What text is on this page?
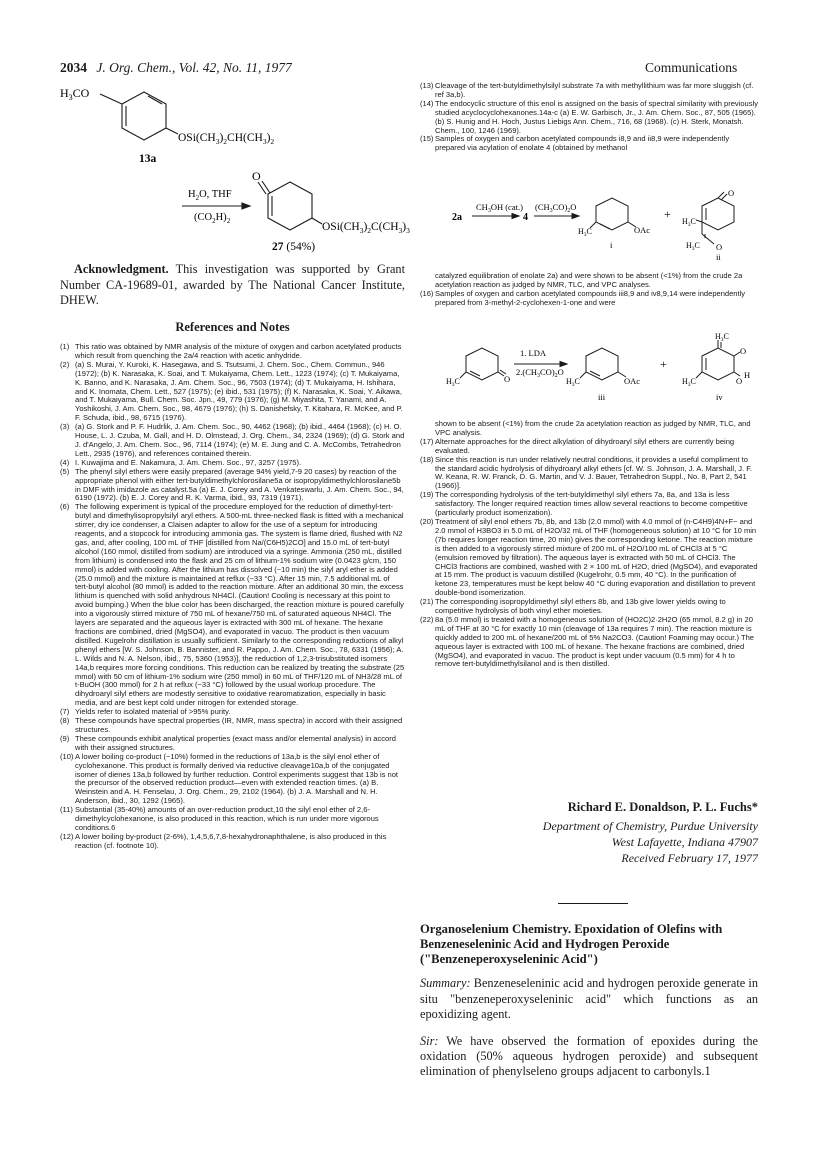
2034 J. Org. Chem., Vol. 42, No. 11, 1977	Communications
$H_3CO$
$OSi(CH_3)_2CH(CH_3)_2$
13a
$H_2O$, THF
$(CO_2H)_2$
O
$OSi(CH_3)_2C(CH_3)_3$
27 (54%)
Acknowledgment. This investigation was supported by Grant Number CA-19689-01, awarded by The National Cancer Institute, DHEW.
References and Notes

(1) This ratio was obtained by NMR analysis of the mixture of oxygen and carbon acetylated products which result from quenching the 2a/4 reaction with acetic anhydride.

(2) (a) S. Murai, Y. Kuroki, K. Hasegawa, and S. Tsutsumi, J. Chem. Soc., Chem. Commun., 946 (1972); (b) K. Narasaka, K. Soai, and T. Mukaiyama, Chem. Lett., 1223 (1974); (c) T. Mukaiyama, K. Banno, and K. Narasaka, J. Am. Chem. Soc., 96, 7503 (1974); (d) T. Mukaiyama, H. Ishihara, and K. Inomata, Chem. Lett., 527 (1975); (e) ibid., 531 (1975); (f) K. Narasaka, K. Soai, Y. Aikawa, and T. Mukaiyama, Bull. Chem. Soc. Jpn., 49, 779 (1976); (g) M. Miyashita, T. Yanami, and A. Yoshikoshi, J. Am. Chem. Soc., 98, 4679 (1976); (h) S. Danishefsky, T. Kitahara, R. McKee, and P. F. Schuda, ibid., 98, 6715 (1976).

(3) (a) G. Stork and P. F. Hudrlik, J. Am. Chem. Soc., 90, 4462 (1968); (b) ibid., 4464 (1968); (c) H. O. House, L. J. Czuba, M. Gall, and H. D. Olmstead, J. Org. Chem., 34, 2324 (1969); (d) G. Stork and J. d'Angelo, J. Am. Chem. Soc., 96, 7114 (1974); (e) M. E. Jung and C. A. McCombs, Tetrahedron Lett., 2935 (1976), and references contained therein.

(4) I. Kuwajima and E. Nakamura, J. Am. Chem. Soc., 97, 3257 (1975).

(5) The phenyl silyl ethers were easily prepared (average 94% yield,7-9 20 cases) by reaction of the appropriate phenol with either tert-butyldimethylchlorosilane5a or isopropyldimethylchlorosilane5b in DMF with imidazole as catalyst.5a (a) E. J. Corey and A. Venkateswarlu, J. Am. Chem. Soc., 94, 6190 (1972). (b) E. J. Corey and R. K. Varma, ibid., 93, 7319 (1971).

(6) The following experiment is typical of the procedure employed for the reduction of dimethyl-tert-butyl and dimethylisopropylsilyl aryl ethers. A 500-mL three-necked flask is fitted with a mechanical stirrer, dry ice condenser, a Claisen adapter to allow for the use of a septum for introducing reagents, and a stopcock for introducing ammonia gas. The system is flame dried, flushed with N2 gas, and, after cooling, 100 mL of THF [distilled from Na/(C6H5)2CO] and 15.0 mL of tert-butyl alcohol (160 mmol, distilled from sodium) are introduced via a syringe. Ammonia (250 mL, distilled from lithium) is condensed into the flask and 25 cm of lithium-1% sodium wire (0.0423 g/cm, 150 mmol) is added with cooling. After the lithium has dissolved (~10 min) the silyl aryl ether is added (25.0 mmol) and the mixture is maintained at reflux (−33 °C). After 15 min, 7.5 additional mL of tert-butyl alcohol (80 mmol) is added to the reaction mixture. After an additional 30 min, the excess lithium is quenched with solid anhydrous NH4Cl. (Caution! Cooling is necessary at this point to avoid bumping.) When the blue color has been discharged, the reaction mixture is poured carefully into a vigorously stirred mixture of 750 mL of hexane/750 mL of saturated aqueous NH4Cl. The layers are separated and the aqueous layer is extracted with 300 mL of hexane. The hexane fractions are combined, dried (MgSO4), and evaporated in vacuo. The product is then vacuum distilled. Kugelrohr distillation is usually sufficient. Similarly to the corresponding reductions of alkyl phenyl ethers [W. S. Johnson, B. Bannister, and R. Pappo, J. Am. Chem. Soc., 78, 6331 (1956); A. L. Wilds and N. A. Nelson, ibid., 75, 5360 (1953)], the reduction of 1,2,3-trisubstituted isomers 14a,b requires more forcing conditions. This reduction can be realized by treating the substrate (25 mmol) with 50 cm of lithium-1% sodium wire (250 mmol) in 60 mL of THF/120 mL of NH3/28 mL of t-BuOH (300 mmol) for 2 h at reflux (−33 °C) followed by the usual workup procedure. The dihydroaryl silyl ethers are modestly sensitive to oxidative rearomatization, especially in basic media, and are best kept cold under nitrogen for extended storage.

(7) Yields refer to isolated material of >95% purity.

(8) These compounds have spectral properties (IR, NMR, mass spectra) in accord with their assigned structures.

(9) These compounds exhibit analytical properties (exact mass and/or elemental analysis) in accord with their assigned structures.

(10) A lower boiling co-product (~10%) formed in the reductions of 13a,b is the silyl enol ether of cyclohexanone. This product is formally derived via reductive cleavage10a,b of the conjugated isomer of dienes 13a,b followed by further reduction. Control experiments suggest that 13b is not the precursor of the observed reduction product—even with extended reaction times. (a) B. Weinstein and A. H. Fenselau, J. Org. Chem., 29, 2102 (1964). (b) J. A. Marshall and N. H. Anderson, ibid., 30, 1292 (1965).

(11) Substantial (35-40%) amounts of an over-reduction product,10 the silyl enol ether of 2,6-dimethylcyclohexanone, is also produced in this reaction, which is run under more vigorous conditions.6

(12) A lower boiling by-product (2-6%), 1,4,5,6,7,8-hexahydronaphthalene, is also produced in this reaction (cf. footnote 10).

(13) Cleavage of the tert-butyldimethylsilyl substrate 7a with methyllithium was far more sluggish (cf. ref 3a,b).

(14) The endocyclic structure of this enol is assigned on the basis of spectral similarity with previously studied acyclocyclohexanones.14a-c (a) E. W. Garbisch, Jr., J. Am. Chem. Soc., 87, 505 (1965). (b) S. Hunig and H. Hoch, Justus Liebigs Ann. Chem., 716, 68 (1968). (c) H. Sterk, Monatsh. Chem., 100, 1246 (1969).

(15) Samples of oxygen and carbon acetylated compounds i8,9 and ii8,9 were independently prepared via acylation of enolate 4 (obtained by methanol

2a
$CH_3OH$ (cat.)
4
$(CH_3CO)_2O$
$H_3C$	OAc
i
+
$H_3C$
$H_3C$
O
O
ii

catalyzed equilibration of enolate 2a) and were shown to be absent (<1%) from the crude 2a acetylation reaction as judged by NMR, TLC, and VPC analyses.

(16) Samples of oxygen and carbon acetylated compounds iii8,9 and iv8,9,14 were independently prepared from 3-methyl-2-cyclohexen-1-one and were

$H_3C$
$H_3C$	O
1. LDA
$2.(CH_3CO)_2O$
$H_3C$	OAc
iii
+
$H_3C$
O
O
H
iv

shown to be absent (<1%) from the crude 2a acetylation reaction as judged by NMR, TLC, and VPC analysis.

(17) Alternate approaches for the direct alkylation of dihydroaryl silyl ethers are currently being evaluated.

(18) Since this reaction is run under relatively neutral conditions, it provides a useful compliment to the standard acidic hydrolysis of dihydroaryl alkyl ethers [cf. W. S. Johnson, J. A. Marshall, J. F. W. Keana, R. W. Franck, D. G. Martin, and V. J. Bauer, Tetrahedron Suppl., No. 8, Part 2, 541 (1966)].

(19) The corresponding hydrolysis of the tert-butyldimethyl silyl ethers 7a, 8a, and 13a is less satisfactory. The longer required reaction times allow several reactions to become competitive (particularly product isomerization).

(20) Treatment of silyl enol ethers 7b, 8b, and 13b (2.0 mmol) with 4.0 mmol of (n-C4H9)4N+F− and 2.0 mmol of H3BO3 in 5.0 mL of H2O/32 mL of THF (homogeneous solution) at 10 °C for 10 min (7b requires longer reaction time, 20 min) gives the corresponding ketone. The reaction mixture is then added to a vigorously stirred mixture of 200 mL of H2O/100 mL of CHCl3 at 5 °C (emulsion removed by filtration). The aqueous layer is extracted with 50 mL of CHCl3. The CHCl3 fractions are combined, washed with 2 × 100 mL of H2O, dried (MgSO4), and evaporated at 15 mm. The product is vacuum distilled (Kugelrohr, 0.5 mm, 40 °C). In the purification of ketone 23, temperatures must be kept below 40 °C during evaporation and distillation to prevent double-bond isomerization.

(21) The corresponding isopropyldimethyl silyl ethers 8b, and 13b give lower yields owing to competitive hydrolysis of both vinyl ether moieties.

(22) 8a (5.0 mmol) is treated with a homogeneous solution of (HO2C)2·2H2O (65 mmol, 8.2 g) in 20 mL of THF at 30 °C for exactly 10 min (cleavage of 13a requires 7 min). The reaction mixture is quickly added to 200 mL of hexane/200 mL of 5% Na2CO3. (Caution! Foaming may occur.) The aqueous layer is extracted with 100 mL of hexane. The hexane fractions are combined, dried (MgSO4), and evaporated in vacuo. The product is kept under vacuum (0.5 mm) for 4 h to remove tert-butyldimethylsilanol and is then distilled.

Richard E. Donaldson, P. L. Fuchs*
Department of Chemistry, Purdue University
West Lafayette, Indiana 47907
Received February 17, 1977
Organoselenium Chemistry. Epoxidation of Olefins with Benzeneseleninic Acid and Hydrogen Peroxide ("Benzeneperoxyseleninic Acid")
Summary: Benzeneseleninic acid and hydrogen peroxide generate in situ "benzeneperoxyseleninic acid" which functions as an epoxidizing agent.
Sir: We have observed the formation of epoxides during the oxidation (50% aqueous hydrogen peroxide) and subsequent elimination of phenylseleno groups adjacent to carbonyls.1
